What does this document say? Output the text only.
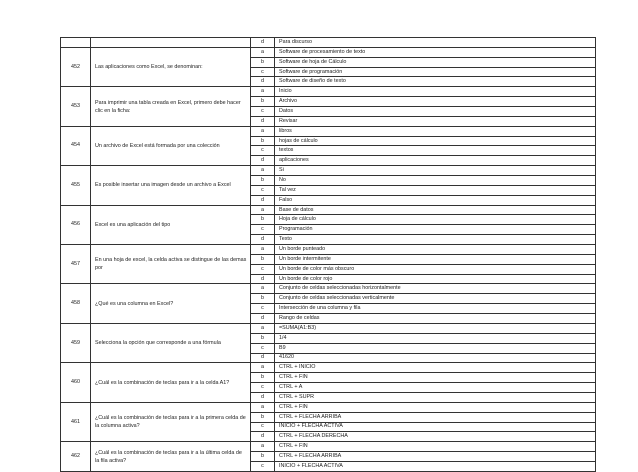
		d	Para discurso
452	Las aplicaciones como Excel, se denominan:	a	Software de procesamiento de texto
		b	Software de hoja de Cálculo
		c	Software de programación
		d	Software de diseño de texto
453	Para imprimir una tabla creada en Excel, primero debe hacer clic en la ficha:	a	Inicio
		b	Archivo
		c	Datos
		d	Revisar
454	Un archivo de Excel está formada por una colección	a	libros
		b	hojas de cálculo
		c	textos
		d	aplicaciones
455	Es posible insertar una imagen desde un archivo a Excel	a	Si
		b	No
		c	Tal vez
		d	Falso
456	Excel es una aplicación del tipo	a	Base de datos
		b	Hoja de cálculo
		c	Programación
		d	Texto
457	En una hoja de excel, la celda activa se distingue de las demas por	a	Un borde punteado
		b	Un borde intermitente
		c	Un borde de color más obscuro
		d	Un borde de color rojo
458	¿Qué es una columna en Excel?	a	Conjunto de celdas seleccionadas horizontalmente
		b	Conjunto de celdas seleccionadas verticalmente
		c	Intersección de una columna y fila
		d	Rango de celdas
459	Selecciona la opción que corresponde a una fórmula	a	=SUMA(A1:B3)
		b	1/4
		c	B9
		d	41620
460	¿Cuál es la combinación de teclas para ir a la celda A1?	a	CTRL + INICIO
		b	CTRL + FIN
		c	CTRL + A
		d	CTRL + SUPR
461	¿Cuál es la combinación de teclas para ir a la primera celda de la columna activa?	a	CTRL + FIN
		b	CTRL + FLECHA ARRIBA
		c	INICIO + FLECHA ACTIVA
		d	CTRL + FLECHA DERECHA
462	¿Cuál es la combinación de teclas para ir a la última celda de la fila activa?	a	CTRL + FIN
		b	CTRL + FLECHA ARRIBA
		c	INICIO + FLECHA ACTIVA
